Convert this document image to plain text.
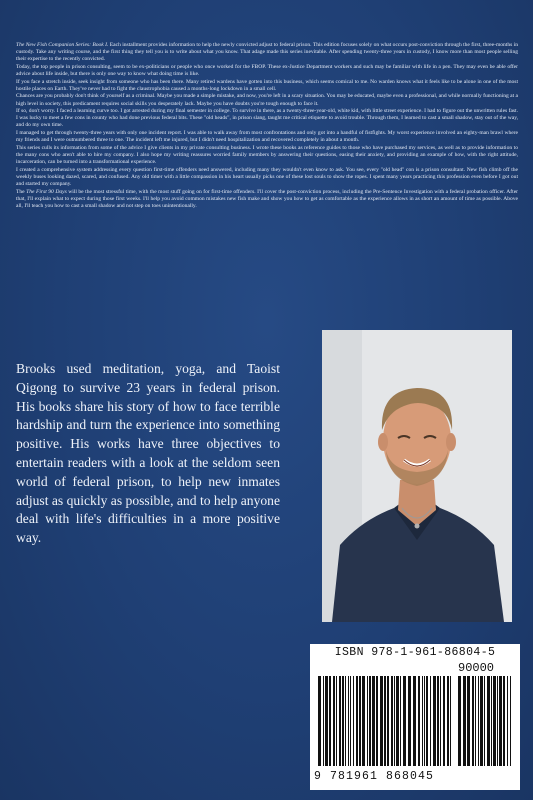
The New Fish Companion Series: Book I. Each installment provides information to help the newly convicted adjust to federal prison. This edition focuses solely on what occurs post-conviction through the first, three-months in custody. Take any writing course, and the first thing they tell you is to write about what you know. That adage made this series inevitable. After spending twenty-three years in custody, I know more than most people selling their expertise to the recently convicted.

Today, the top people in prison consulting, seem to be ex-politicians or people who once worked for the FBOP. These ex-Justice Department workers and such may be familiar with life in a pen. They may even be able offer advice about life inside, but there is only one way to know what doing time is like.

If you face a stretch inside, seek insight from someone who has been there. Many retired wardens have gotten into this business, which seems comical to me. No warden knows what it feels like to be alone in one of the most hostile places on Earth. They've never had to fight the claustrophobia caused a months-long lockdown in a small cell.

Chances are you probably don't think of yourself as a criminal. Maybe you made a simple mistake, and now, you're left in a scary situation. You may be educated, maybe even a professional, and while normally functioning at a high level in society, this predicament requires social skills you desperately lack. Maybe you have doubts you're tough enough to face it.

If so, don't worry. I faced a learning curve too. I got arrested during my final semester in college. To survive in there, as a twenty-three-year-old, white kid, with little street experience. I had to figure out the unwritten rules fast. I was lucky to meet a few cons in county who had done previous federal bits. These "old heads", in prison slang, taught me critical etiquette to avoid trouble. Through them, I learned to cast a small shadow, stay out of the way, and do my own time.

I managed to get through twenty-three years with only one incident report. I was able to walk away from most confrontations and only got into a handful of fistfights. My worst experience involved an eighty-man brawl where my friends and I were outnumbered three to one. The incident left me injured, but I didn't need hospitalization and recovered completely in about a month.

This series culls its information from some of the advice I give clients in my private consulting business. I wrote these books as reference guides to those who have purchased my services, as well as to provide information to the many cons who aren't able to hire my company. I also hope my writing reassures worried family members by answering their questions, easing their anxiety, and providing an example of how, with the right attitude, incarceration, can be turned into a transformational experience.

I created a comprehensive system addressing every question first-time offenders need answered, including many they wouldn't even know to ask. You see, every "old head" con is a prison consultant. New fish climb off the weekly buses looking dazed, scared, and confused. Any old timer with a little compassion in his heart usually picks one of these lost souls to show the ropes. I spent many years practicing this profession even before I got out and started my company.

The The First 90 Days will be the most stressful time, with the most stuff going on for first-time offenders. I'll cover the post-conviction process, including the Pre-Sentence Investigation with a federal probation officer. After that, I'll explain what to expect during those first weeks. I'll help you avoid common mistakes new fish make and show you how to get as comfortable as the experience allows in as short an amount of time as possible. Above all, I'll teach you how to cast a small shadow and not step on toes unintentionally.

Brooks used meditation, yoga, and Taoist Qigong to survive 23 years in federal prison. His books share his story of how to face terrible hardship and turn the experience into something positive. His works have three objectives to entertain readers with a look at the seldom seen world of federal prison, to help new inmates adjust as quickly as possible, and to help anyone deal with life's difficulties in a more positive way.
ISBN 978-1-961-86804-5
90000
9 781961 868045
